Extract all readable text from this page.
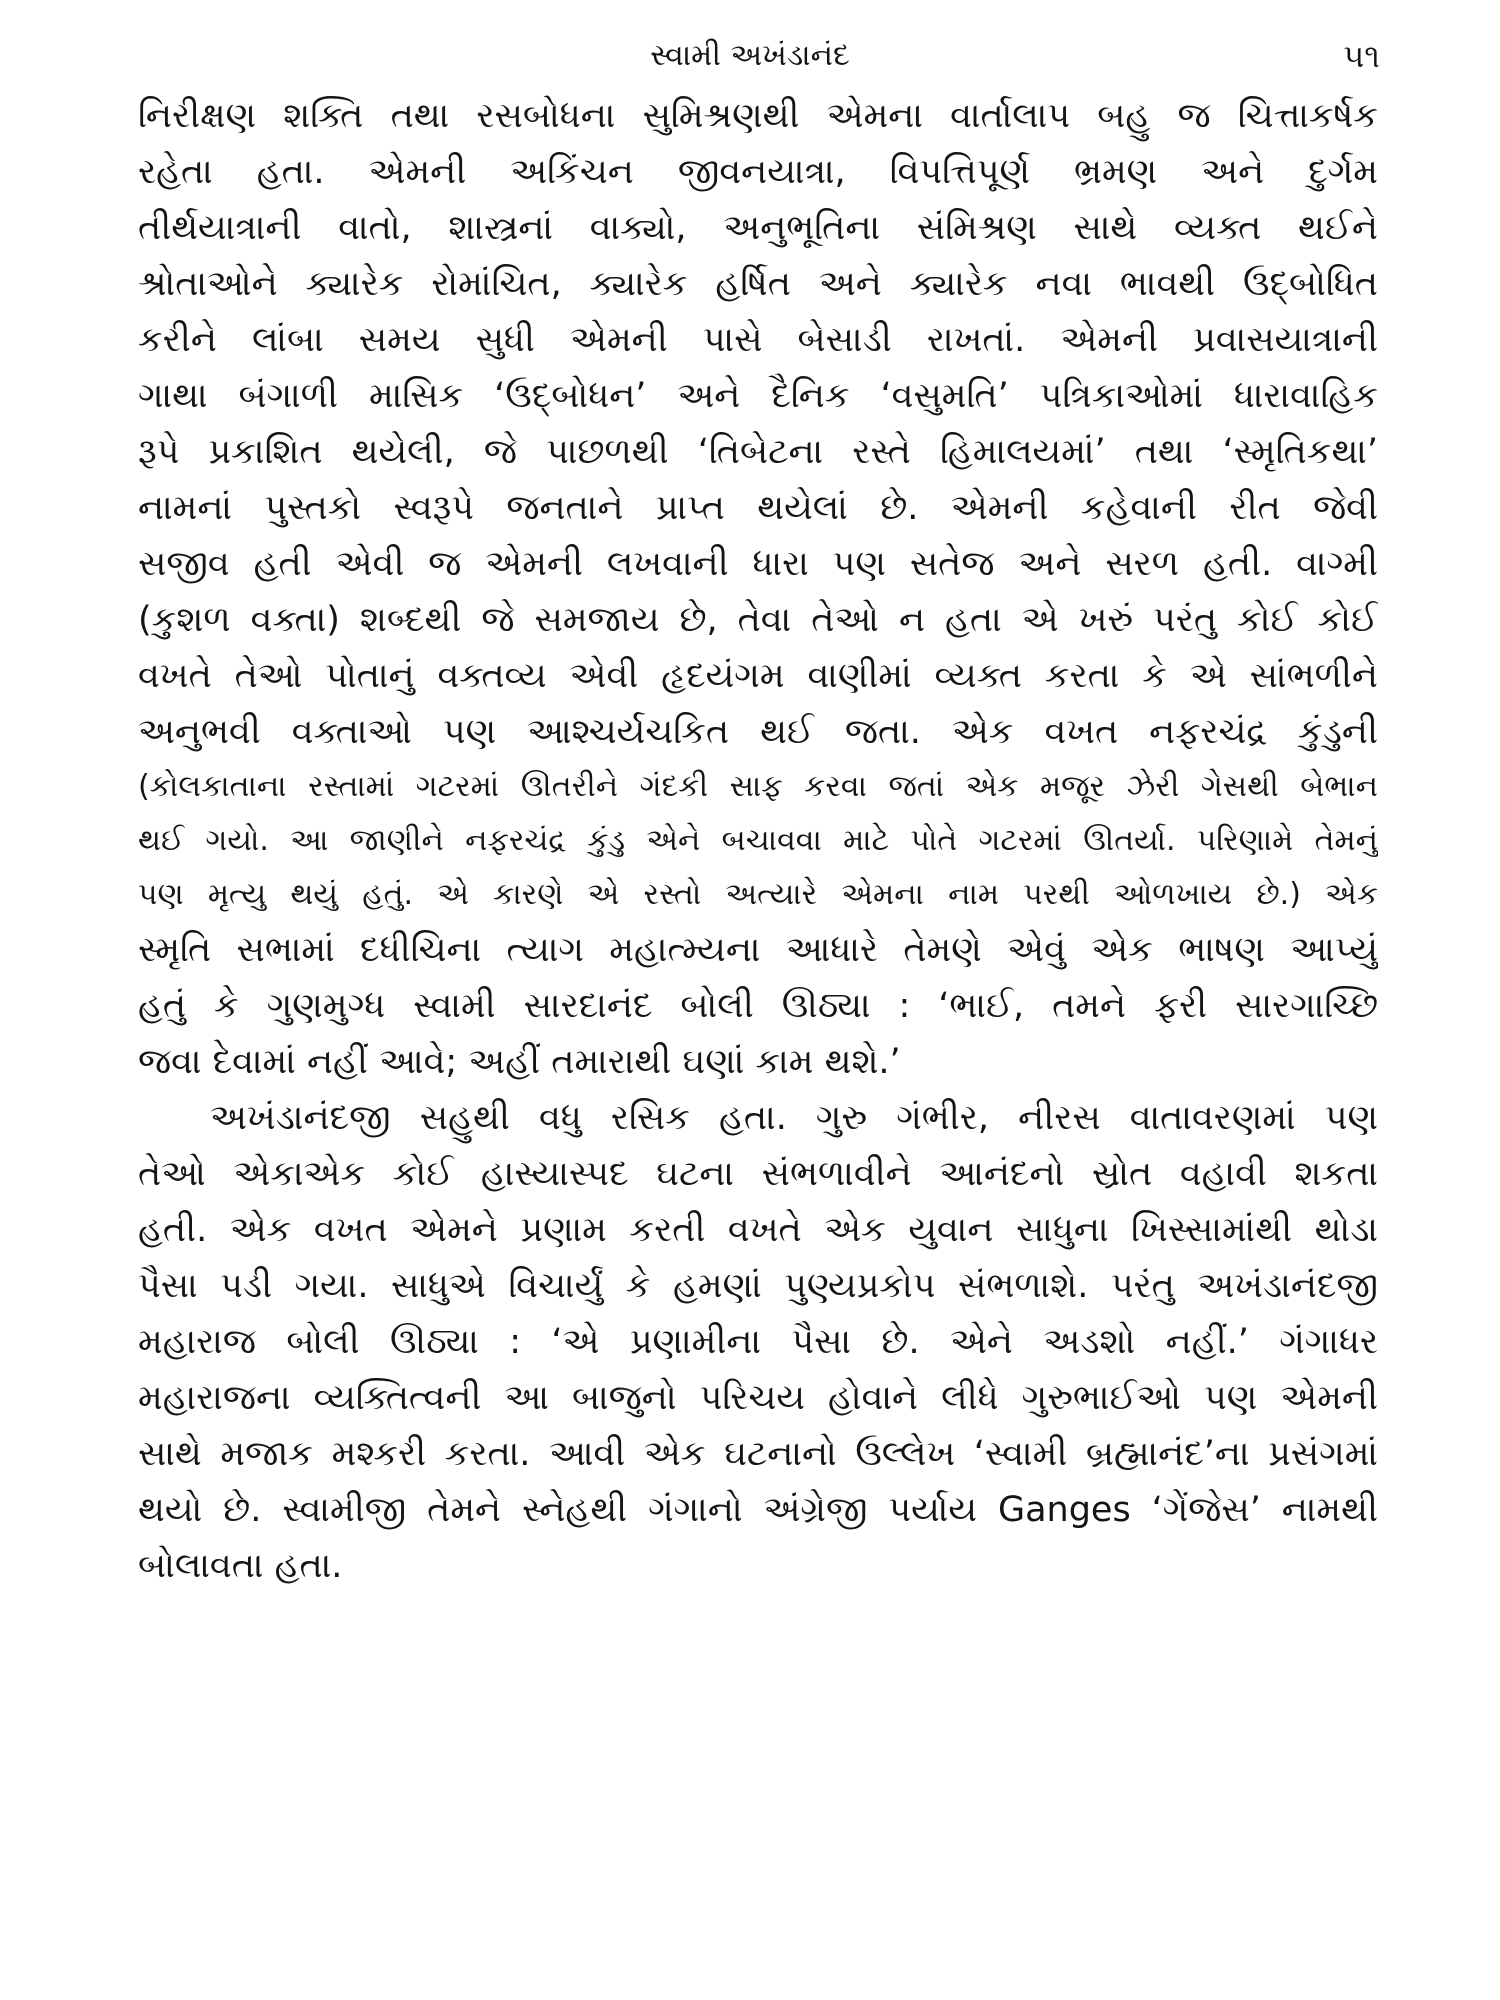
સ્વામી અખંડાનંદ	૫૧
નિરીક્ષણ શક્તિ તથા રસબોધના સુમિશ્રણથી એમના વાર્તાલાપ બહુ જ ચિત્તાકર્ષક
રહેતા હતા. એમની અકિંચન જીવનયાત્રા, વિપત્તિપૂર્ણ ભ્રમણ અને દુર્ગમ
તીર્થયાત્રાની વાતો, શાસ્ત્રનાં વાક્યો, અનુભૂતિના સંમિશ્રણ સાથે વ્યક્ત થઈને
શ્રોતાઓને ક્યારેક રોમાંચિત, ક્યારેક હર્ષિત અને ક્યારેક નવા ભાવથી ઉદ્બોધિત
કરીને લાંબા સમય સુધી એમની પાસે બેસાડી રાખતાં. એમની પ્રવાસયાત્રાની
ગાથા બંગાળી માસિક ‘ઉદ્બોધન’ અને દૈનિક ‘વસુમતિ’ પત્રિકાઓમાં ધારાવાહિક
રૂપે પ્રકાશિત થયેલી, જે પાછળથી ‘તિબેટના રસ્તે હિમાલયમાં’ તથા ‘સ્મૃતિકથા’
નામનાં પુસ્તકો સ્વરૂપે જનતાને પ્રાપ્ત થયેલાં છે. એમની કહેવાની રીત જેવી
સજીવ હતી એવી જ એમની લખવાની ધારા પણ સતેજ અને સરળ હતી. વાગ્મી
(કુશળ વક્તા) શબ્દથી જે સમજાય છે, તેવા તેઓ ન હતા એ ખરું પરંતુ કોઈ કોઈ
વખતે તેઓ પોતાનું વક્તવ્ય એવી હૃદયંગમ વાણીમાં વ્યક્ત કરતા કે એ સાંભળીને
અનુભવી વક્તાઓ પણ આશ્ચર્યચકિત થઈ જતા. એક વખત નફરચંદ્ર કુંડુની
(કોલકાતાના રસ્તામાં ગટરમાં ઊતરીને ગંદકી સાફ કરવા જતાં એક મજૂર ઝેરી ગેસથી બેભાન
થઈ ગયો. આ જાણીને નફરચંદ્ર કુંડુ એને બચાવવા માટે પોતે ગટરમાં ઊતર્યા. પરિણામે તેમનું
પણ મૃત્યુ થયું હતું. એ કારણે એ રસ્તો અત્યારે એમના નામ પરથી ઓળખાય છે.) એક
સ્મૃતિ સભામાં દધીચિના ત્યાગ મહાત્મ્યના આધારે તેમણે એવું એક ભાષણ આપ્યું
હતું કે ગુણમુગ્ધ સ્વામી સારદાનંદ બોલી ઊઠ્યા : ‘ભાઈ, તમને ફરી સારગાચ્છિ
જવા દેવામાં નહીં આવે; અહીં તમારાથી ઘણાં કામ થશે.’
અખંડાનંદજી સહુથી વધુ રસિક હતા. ગુરુ ગંભીર, નીરસ વાતાવરણમાં પણ
તેઓ એકાએક કોઈ હાસ્યાસ્પદ ઘટના સંભળાવીને આનંદનો સ્રોત વહાવી શકતા
હતી. એક વખત એમને પ્રણામ કરતી વખતે એક યુવાન સાધુના ખિસ્સામાંથી થોડા
પૈસા પડી ગયા. સાધુએ વિચાર્યું કે હમણાં પુણ્યપ્રકોપ સંભળાશે. પરંતુ અખંડાનંદજી
મહારાજ બોલી ઊઠ્યા : ‘એ પ્રણામીના પૈસા છે. એને અડશો નહીં.’ ગંગાધર
મહારાજના વ્યક્તિત્વની આ બાજુનો પરિચય હોવાને લીધે ગુરુભાઈઓ પણ એમની
સાથે મજાક મશ્કરી કરતા. આવી એક ઘટનાનો ઉલ્લેખ ‘સ્વામી બ્રહ્માનંદ’ના પ્રસંગમાં
થયો છે. સ્વામીજી તેમને સ્નેહથી ગંગાનો અંગ્રેજી પર્યાય Ganges ‘ગેંજેસ’ નામથી
બોલાવતા હતા.
